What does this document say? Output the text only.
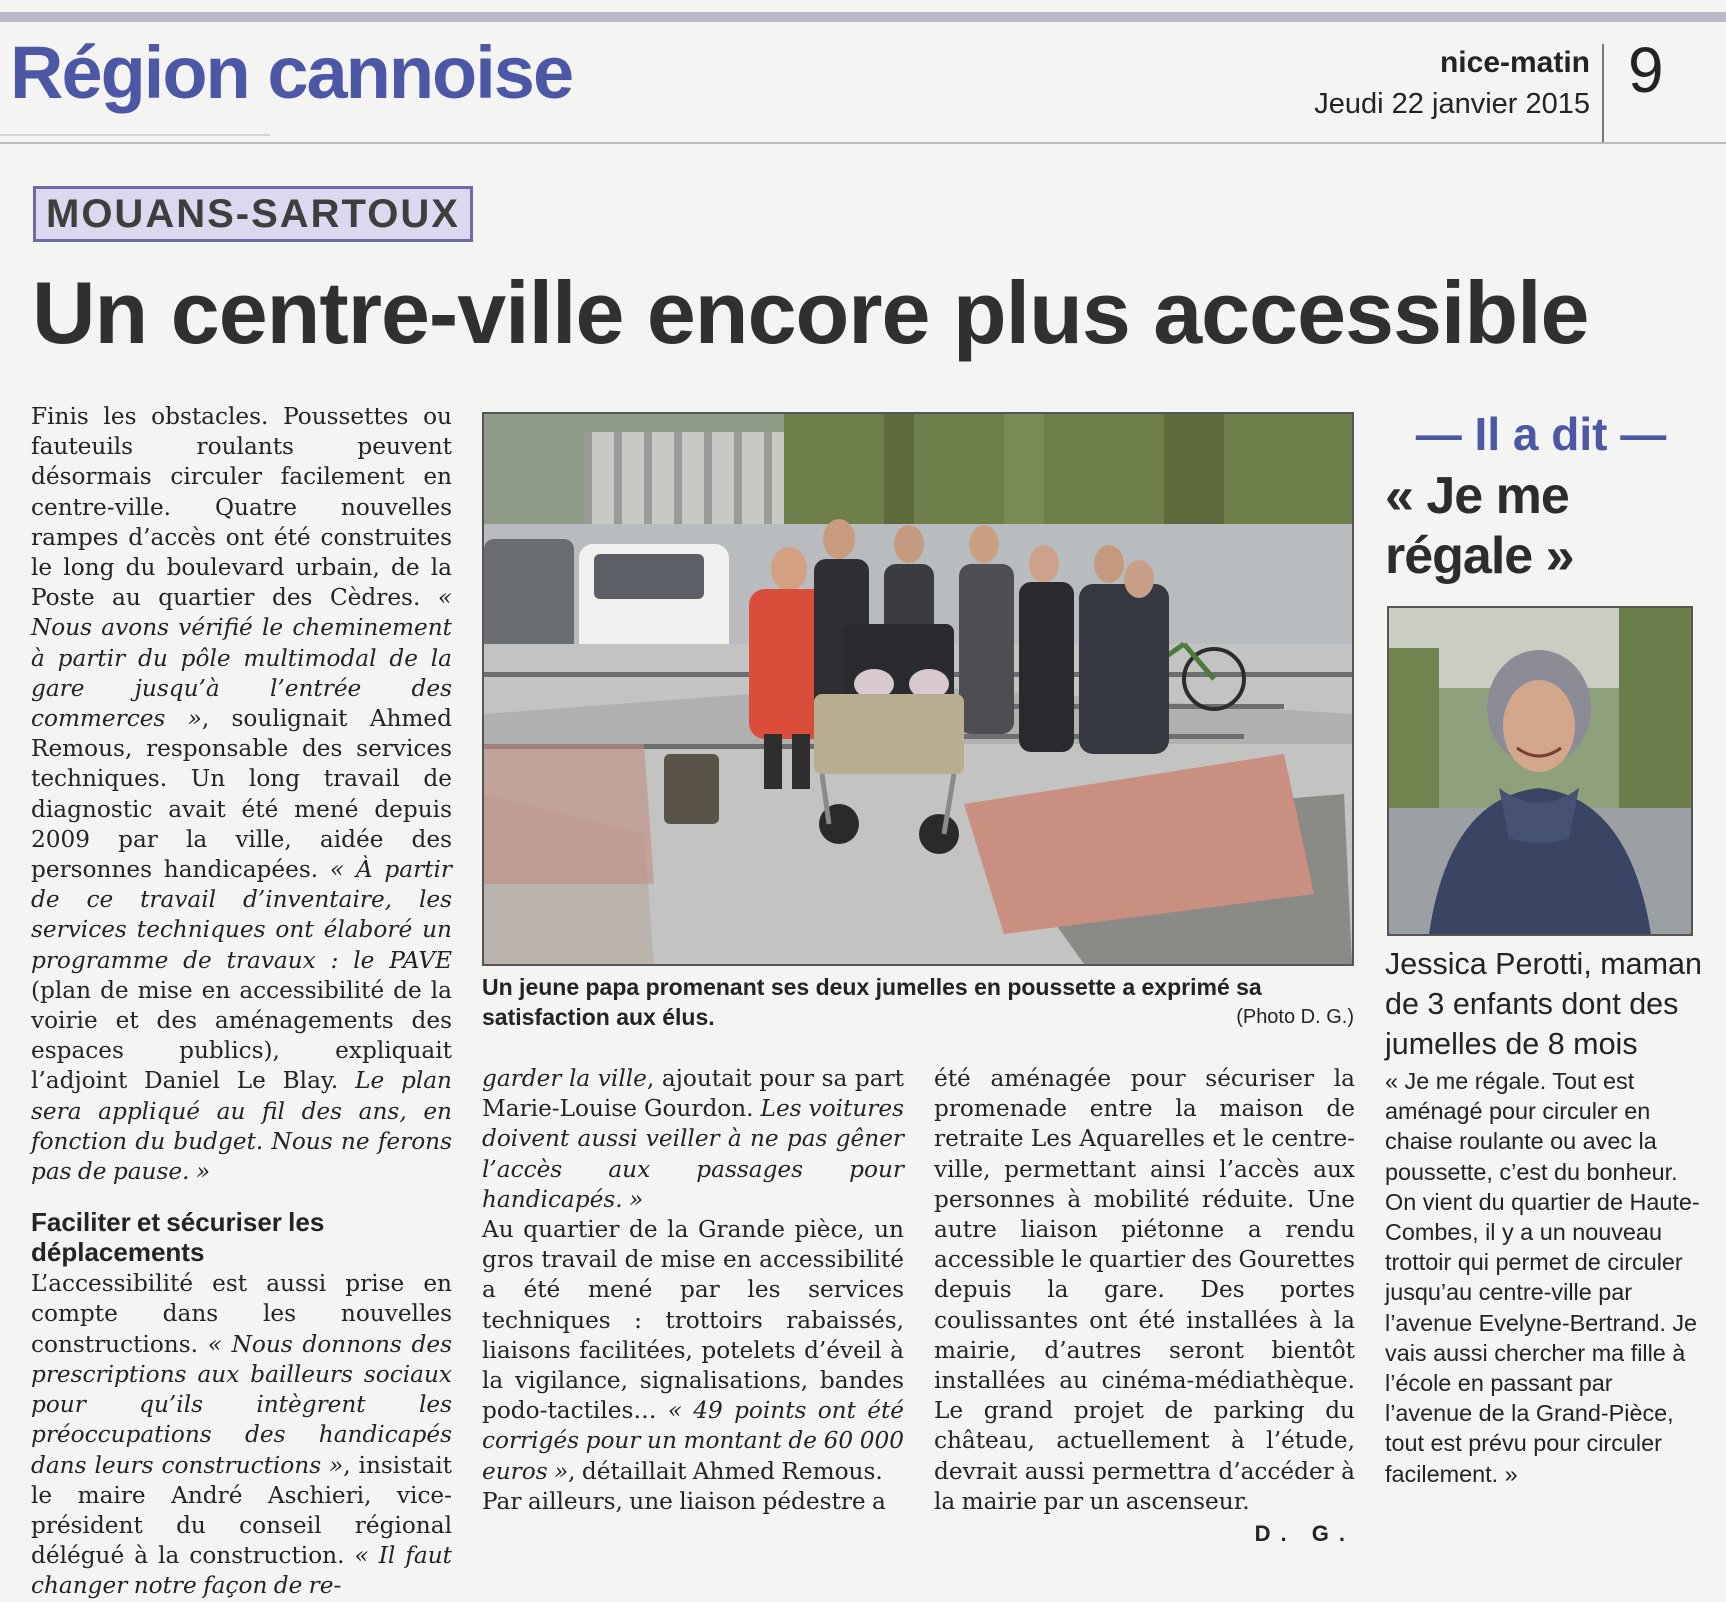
Région cannoise	nice-matin
Jeudi 22 janvier 2015 9
MOUANS-SARTOUX
Un centre-ville encore plus accessible

Finis les obstacles. Poussettes ou fauteuils roulants peuvent désormais circuler facilement en centre-ville. Quatre nouvelles rampes d’accès ont été construites le long du boulevard urbain, de la Poste au quartier des Cèdres. « Nous avons vérifié le cheminement à partir du pôle multimodal de la gare jusqu’à l’entrée des commerces », soulignait Ahmed Remous, responsable des services techniques. Un long travail de diagnostic avait été mené depuis 2009 par la ville, aidée des personnes handicapées. « À partir de ce travail d’inventaire, les services techniques ont élaboré un programme de travaux : le PAVE (plan de mise en accessibilité de la voirie et des aménagements des espaces publics), expliquait l’adjoint Daniel Le Blay. Le plan sera appliqué au fil des ans, en fonction du budget. Nous ne ferons pas de pause. »

Faciliter et sécuriser les déplacements

L’accessibilité est aussi prise en compte dans les nouvelles constructions. « Nous donnons des prescriptions aux bailleurs sociaux pour qu’ils intègrent les préoccupations des handicapés dans leurs constructions », insistait le maire André Aschieri, vice-président du conseil régional délégué à la construction. « Il faut changer notre façon de re-

Un jeune papa promenant ses deux jumelles en poussette a exprimé sa satisfaction aux élus.	(Photo D. G.)

garder la ville, ajoutait pour sa part Marie-Louise Gourdon. Les voitures doivent aussi veiller à ne pas gêner l’accès aux passages pour handicapés. »

Au quartier de la Grande pièce, un gros travail de mise en accessibilité a été mené par les services techniques : trottoirs rabaissés, liaisons facilitées, potelets d’éveil à la vigilance, signalisations, bandes podo-tactiles… « 49 points ont été corrigés pour un montant de 60 000 euros », détaillait Ahmed Remous.

Par ailleurs, une liaison pédestre a

été aménagée pour sécuriser la promenade entre la maison de retraite Les Aquarelles et le centre-ville, permettant ainsi l’accès aux personnes à mobilité réduite. Une autre liaison piétonne a rendu accessible le quartier des Gourettes depuis la gare. Des portes coulissantes ont été installées à la mairie, d’autres seront bientôt installées au cinéma-médiathèque. Le grand projet de parking du château, actuellement à l’étude, devrait aussi permettra d’accéder à la mairie par un ascenseur.

D. G.
— Il a dit —
« Je me régale »

Jessica Perotti, maman de 3 enfants dont des jumelles de 8 mois

« Je me régale. Tout est aménagé pour circuler en chaise roulante ou avec la poussette, c’est du bonheur. On vient du quartier de Haute-Combes, il y a un nouveau trottoir qui permet de circuler jusqu’au centre-ville par l’avenue Evelyne-Bertrand. Je vais aussi chercher ma fille à l’école en passant par l’avenue de la Grand-Pièce, tout est prévu pour circuler facilement. »
